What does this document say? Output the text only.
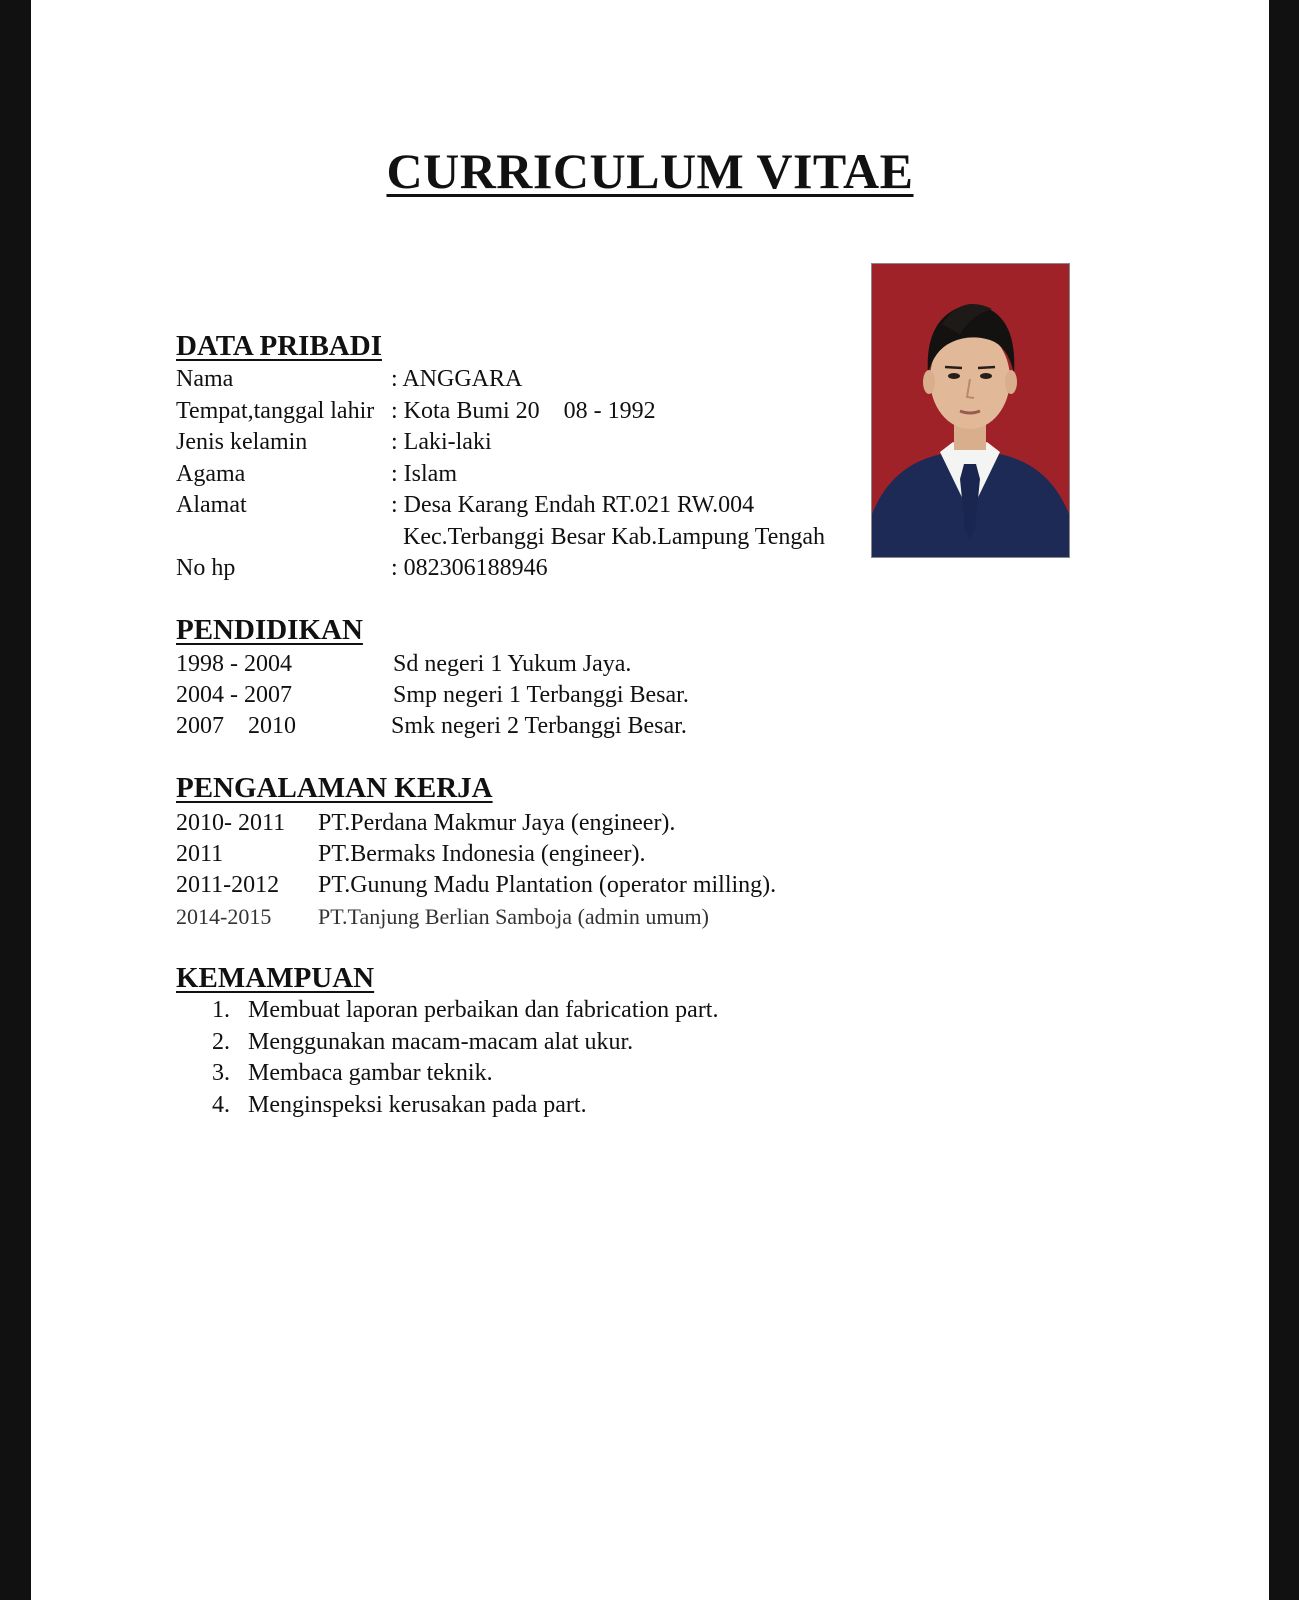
CURRICULUM VITAE
DATA PRIBADI
Nama	: ANGGARA
Tempat,tanggal lahir : Kota Bumi 20    08 - 1992
Jenis kelamin	: Laki-laki
Agama	: Islam
Alamat	: Desa Karang Endah RT.021 RW.004
Kec.Terbanggi Besar Kab.Lampung Tengah
No hp	: 082306188946
PENDIDIKAN
1998 - 2004	Sd negeri 1 Yukum Jaya.
2004 - 2007	Smp negeri 1 Terbanggi Besar.
2007    2010	Smk negeri 2 Terbanggi Besar.
PENGALAMAN KERJA
2010- 2011 PT.Perdana Makmur Jaya (engineer).
2011	PT.Bermaks Indonesia (engineer).
2011-2012 PT.Gunung Madu Plantation (operator milling).
2014-2015 PT.Tanjung Berlian Samboja (admin umum)
KEMAMPUAN
1. Membuat laporan perbaikan dan fabrication part.
2. Menggunakan macam-macam alat ukur.
3. Membaca gambar teknik.
4. Menginspeksi kerusakan pada part.
